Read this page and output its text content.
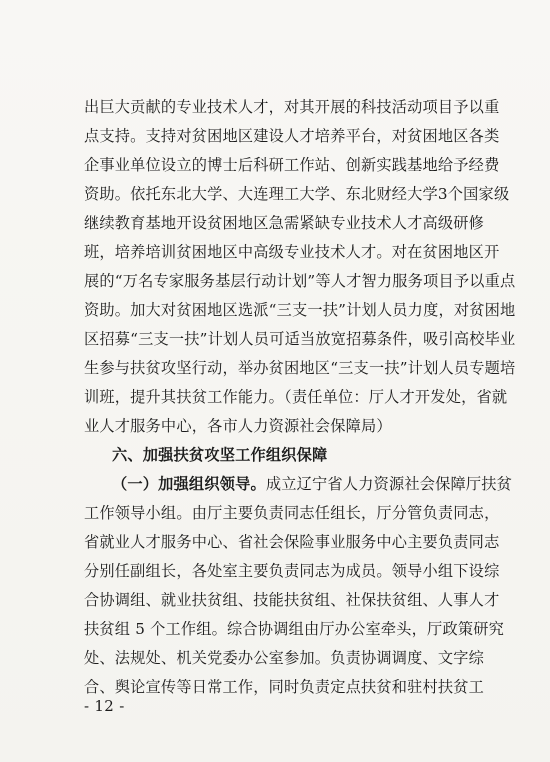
出巨大贡献的专业技术人才，对其开展的科技活动项目予以重
点支持。支持对贫困地区建设人才培养平台，对贫困地区各类
企事业单位设立的博士后科研工作站、创新实践基地给予经费
资助。依托东北大学、大连理工大学、东北财经大学3个国家级
继续教育基地开设贫困地区急需紧缺专业技术人才高级研修
班，培养培训贫困地区中高级专业技术人才。对在贫困地区开
展的“万名专家服务基层行动计划”等人才智力服务项目予以重点
资助。加大对贫困地区选派“三支一扶”计划人员力度，对贫困地
区招募“三支一扶”计划人员可适当放宽招募条件，吸引高校毕业
生参与扶贫攻坚行动，举办贫困地区“三支一扶”计划人员专题培
训班，提升其扶贫工作能力。（责任单位：厅人才开发处，省就
业人才服务中心，各市人力资源社会保障局）
六、加强扶贫攻坚工作组织保障
（一）加强组织领导。成立辽宁省人力资源社会保障厅扶贫
工作领导小组。由厅主要负责同志任组长，厅分管负责同志，
省就业人才服务中心、省社会保险事业服务中心主要负责同志
分别任副组长，各处室主要负责同志为成员。领导小组下设综
合协调组、就业扶贫组、技能扶贫组、社保扶贫组、人事人才
扶贫组 5 个工作组。综合协调组由厅办公室牵头，厅政策研究
处、法规处、机关党委办公室参加。负责协调调度、文字综
合、舆论宣传等日常工作，同时负责定点扶贫和驻村扶贫工
- 12 -
